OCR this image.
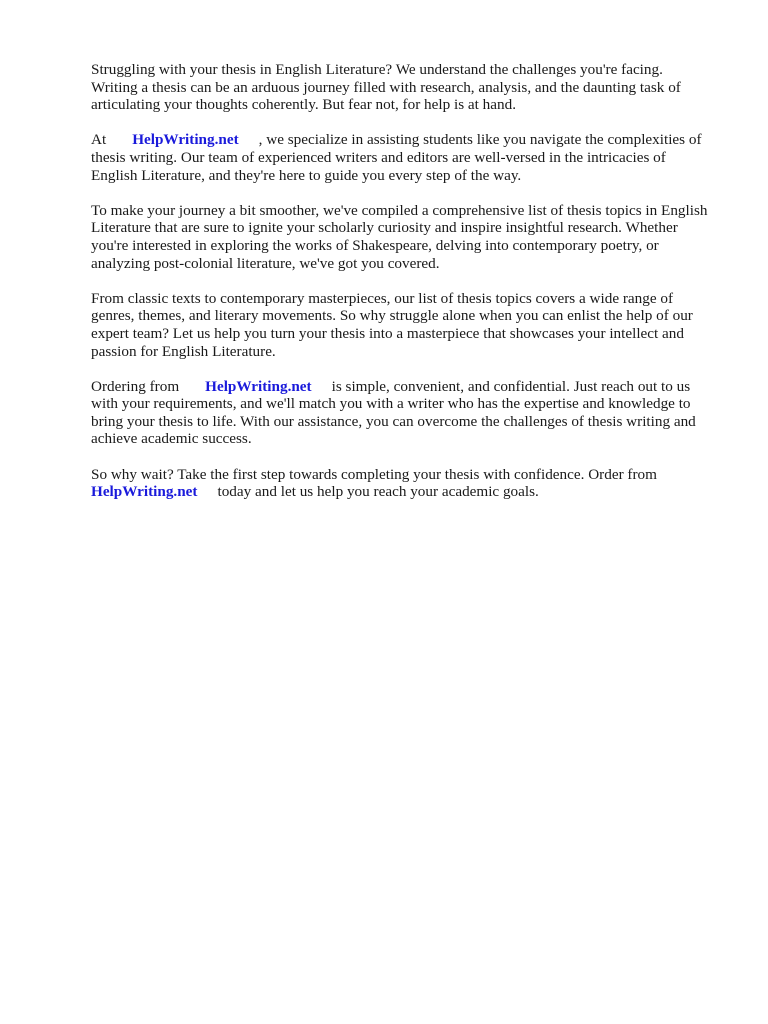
Struggling with your thesis in English Literature? We understand the challenges you're facing.
Writing a thesis can be an arduous journey filled with research, analysis, and the daunting task of
articulating your thoughts coherently. But fear not, for help is at hand.

At HelpWriting.net , we specialize in assisting students like you navigate the complexities of
thesis writing. Our team of experienced writers and editors are well-versed in the intricacies of
English Literature, and they're here to guide you every step of the way.

To make your journey a bit smoother, we've compiled a comprehensive list of thesis topics in English
Literature that are sure to ignite your scholarly curiosity and inspire insightful research. Whether
you're interested in exploring the works of Shakespeare, delving into contemporary poetry, or
analyzing post-colonial literature, we've got you covered.

From classic texts to contemporary masterpieces, our list of thesis topics covers a wide range of
genres, themes, and literary movements. So why struggle alone when you can enlist the help of our
expert team? Let us help you turn your thesis into a masterpiece that showcases your intellect and
passion for English Literature.

Ordering from HelpWriting.net is simple, convenient, and confidential. Just reach out to us
with your requirements, and we'll match you with a writer who has the expertise and knowledge to
bring your thesis to life. With our assistance, you can overcome the challenges of thesis writing and
achieve academic success.

So why wait? Take the first step towards completing your thesis with confidence. Order from
HelpWriting.net today and let us help you reach your academic goals.
